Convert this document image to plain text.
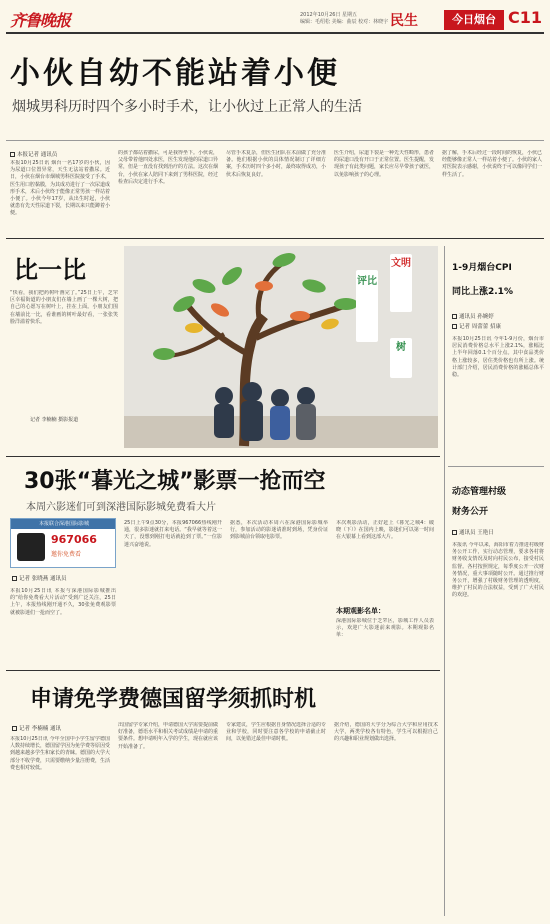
齐鲁晚报	2012年10月26日 星期五
编辑：毛绍松 美编：曲辰 校对：林晓宇 民生	今日烟台 C11
小伙自幼不能站着小便
烟城男科历时四个多小时手术，让小伙过上正常人的生活
本报记者 通讯员
本报10月25日讯 烟台一名17岁的小伙，因为尿道口位置异常，天生无法站着撒尿。近日，小伙在烟台市烟城男科医院接受了手术，医生用口腔黏膜，为其成功进行了一次尿道成形手术，术后小伙终于能像正常男孩一样站着小便了。小伙今年17岁，从出生时起，小伙就患有先天性尿道下裂，长期以来只能蹲着小便。
的孩子都站着撒尿，可是我得坐下。小伙说，父母带着他四处求医，医生发现他的尿道口异常，但是一直没有找到治疗的方法。这次在烟台，小伙在家人陪同下来到了男科医院，经过检查后决定进行手术。
尽管手术复杂，但医生团队在术前做了充分准备。他们根据小伙的具体情况制订了详细方案，手术历时四个多小时，最终取得成功，小伙术后恢复良好。
医生介绍，尿道下裂是一种先天性畸形，患者的尿道口没有开口于正常位置。医生提醒，发现孩子有此类问题，家长应尽早带孩子就医，以免影响孩子的心理。
据了解，手术后经过一段时间的恢复，小伙已经能够像正常人一样站着小便了。小伙的家人对医院表示感谢，小伙说终于可以像同学们一样生活了。
比一比
“快看，我们把药树叶画完了。”25日上午，芝罘区幸福街道的小朋友们在墙上画了一棵大树，把自己的心愿写在树叶上，挂在上面。小朋友们围在墙前比一比，看谁画的树叶最好看，一张张笑脸洋溢着快乐。
记者 李楠楠 摄影报道
文明
评比
树
30张“暮光之城”影票一抢而空
本周六影迷们可到深港国际影城免费看大片
本报联合深港国际影城
967066
邀你免费看
记者 张晓燕 通讯员
本报10月25日讯 本报与深港国际影城推出的“给你免费看大片活动”受到广泛关注，25日上午，本报热线刚开通不久，30张免费观影票就被影迷们一抢而空了。
25日上午9点30分，本报967066热线刚开通，很多影迷就打来电话。“我早就等着这一天了，没想到刚打电话就抢到了票。”一位影迷兴奋地说。
据悉，本次活动本周六在深港国际影城举行，参加活动的影迷请准时到场，凭身份证到影城前台领取电影票。
本次观影活动，正好赶上《暮光之城4：破晓（下）》在国内上映，影迷们可以第一时间在大银幕上看到这部大片。
本期观影名单：
深港国际影城位于芝罘区，影城工作人员表示，欢迎广大影迷前来观影。本期观影名单：
申请免学费德国留学须抓时机
记者 李楠楠 通讯
本报10月25日讯 今年全国中小学生留学德国人数持续增长，德国留学因为免学费等原因受到越来越多学生和家长的青睐。德国的大学大部分不收学费，只需要缴纳少量注册费，生活费也相对较低。
出国留学专家介绍，申请德国大学需要提前做好准备，德语水平和相关考试成绩是申请的重要条件。想申请明年入学的学生，现在就应该开始准备了。
专家建议，学生应根据自身情况选择合适的专业和学校，同时要注意各学校的申请截止时间，以免错过最佳申请时机。
据介绍，德国的大学分为综合大学和应用技术大学，两类学校各有特色，学生可以根据自己的兴趣和职业规划做出选择。
1-9月烟台CPI
同比上涨2.1%
通讯员 孙婉婷
记者 周蕾蕾 招康
本报10月25日讯 今年1-9月份，烟台市居民消费价格总水平上涨2.1%，涨幅比上半年回落0.1个百分点。其中食品类价格上涨较多，居住类价格也有所上涨。统计部门介绍，居民消费价格的涨幅总体平稳。
动态管理村级
财务公开
通讯员 王艳日
本报讯 今年以来，海阳市着力推进村级财务公开工作，实行动态管理，要求各村将财务收支情况及时向村民公布，接受村民监督。各村按照规定，每季度公开一次财务情况，重大事项随时公开。通过推行财务公开，增强了村级财务管理的透明度，维护了村民的合法权益，受到了广大村民的欢迎。
